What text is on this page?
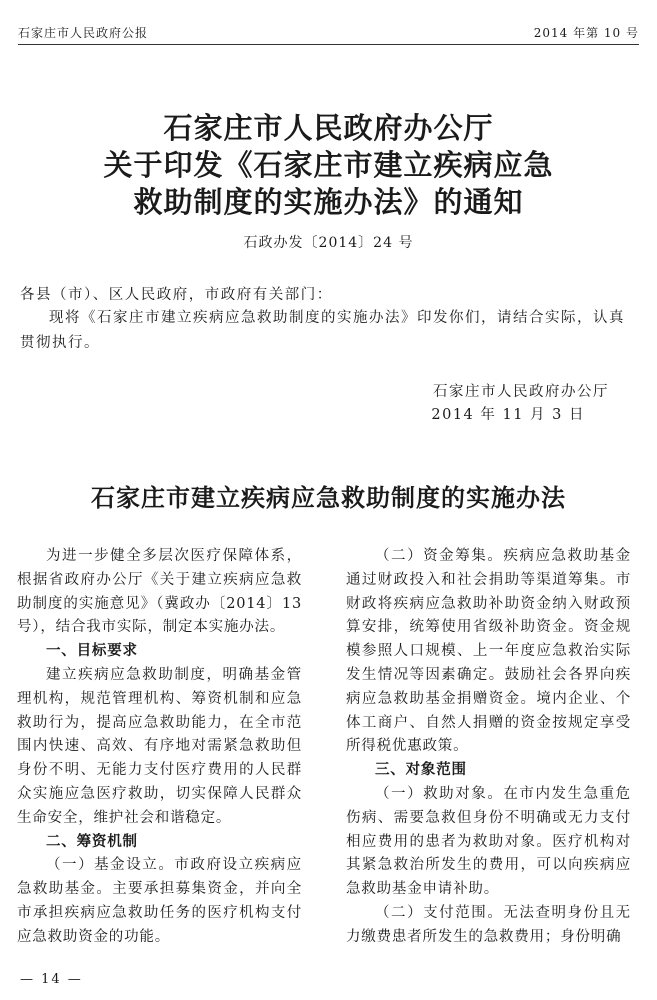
石家庄市人民政府公报	2014 年第 10 号
石家庄市人民政府办公厅
关于印发《石家庄市建立疾病应急
救助制度的实施办法》的通知
石政办发〔2014〕24 号
各县（市）、区人民政府，市政府有关部门：
现将《石家庄市建立疾病应急救助制度的实施办法》印发你们，请结合实际，认真贯彻执行。
石家庄市人民政府办公厅
2014 年 11 月 3 日
石家庄市建立疾病应急救助制度的实施办法

为进一步健全多层次医疗保障体系，根据省政府办公厅《关于建立疾病应急救助制度的实施意见》（冀政办〔2014〕13号），结合我市实际，制定本实施办法。

一、目标要求

建立疾病应急救助制度，明确基金管理机构，规范管理机构、筹资机制和应急救助行为，提高应急救助能力，在全市范围内快速、高效、有序地对需紧急救助但身份不明、无能力支付医疗费用的人民群众实施应急医疗救助，切实保障人民群众生命安全，维护社会和谐稳定。

二、筹资机制

（一）基金设立。市政府设立疾病应急救助基金。主要承担募集资金，并向全市承担疾病应急救助任务的医疗机构支付应急救助资金的功能。

（二）资金筹集。疾病应急救助基金通过财政投入和社会捐助等渠道筹集。市财政将疾病应急救助补助资金纳入财政预算安排，统筹使用省级补助资金。资金规模参照人口规模、上一年度应急救治实际发生情况等因素确定。鼓励社会各界向疾病应急救助基金捐赠资金。境内企业、个体工商户、自然人捐赠的资金按规定享受所得税优惠政策。

三、对象范围

（一）救助对象。在市内发生急重危伤病、需要急救但身份不明确或无力支付相应费用的患者为救助对象。医疗机构对其紧急救治所发生的费用，可以向疾病应急救助基金申请补助。

（二）支付范围。无法查明身份且无力缴费患者所发生的急救费用；身份明确

— 14 —
